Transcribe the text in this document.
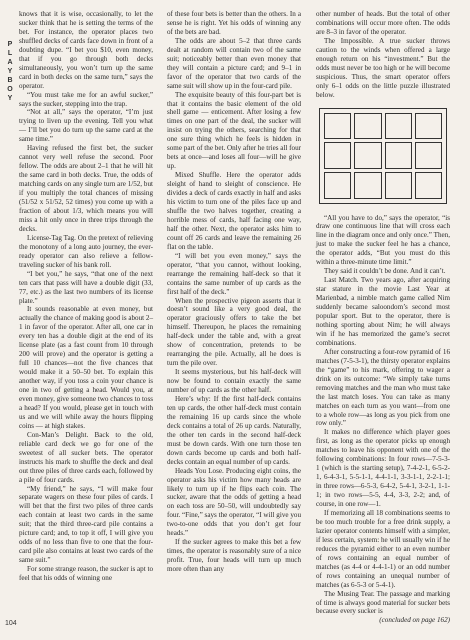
P
L
A
Y
B
O
Y

knows that it is wise, occasionally, to let the sucker think that he is setting the terms of the bet. For instance, the operator places two shuffled decks of cards face down in front of a doubting dupe. “I bet you $10, even money, that if you go through both decks simultaneously, you won’t turn up the same card in both decks on the same turn,” says the operator.

“You must take me for an awful sucker,” says the sucker, stepping into the trap.

“Not at all,” says the operator, “I’m just trying to liven up the evening. Tell you what — I’ll bet you do turn up the same card at the same time.”

Having refused the first bet, the sucker cannot very well refuse the second. Poor fellow. The odds are about 2–1 that he will hit the same card in both decks. True, the odds of matching cards on any single turn are 1/52, but if you multiply the total chances of missing (51/52 x 51/52, 52 times) you come up with a fraction of about 1/3, which means you will miss a hit only once in three trips through the decks.

License-Tag Tag. On the pretext of relieving the monotony of a long auto journey, the ever-ready operator can also relieve a fellow-traveling sucker of his bank roll.

“I bet you,” he says, “that one of the next ten cars that pass will have a double digit (33, 77, etc.) as the last two numbers of its license plate.”

It sounds reasonable at even money, but actually the chance of making good is about 2–1 in favor of the operator. After all, one car in every ten has a double digit at the end of its license plate (as a fast count from 10 through 200 will prove) and the operator is getting a full 10 chances—not the five chances that would make it a 50–50 bet. To explain this another way, if you toss a coin your chance is one in two of getting a head. Would you, at even money, give someone two chances to toss a head? If you would, please get in touch with us and we will while away the hours flipping coins — at high stakes.

Con-Man’s Delight. Back to the old, reliable card deck we go for one of the sweetest of all sucker bets. The operator instructs his mark to shuffle the deck and deal out three piles of three cards each, followed by a pile of four cards.

“My friend,” he says, “I will make four separate wagers on these four piles of cards. I will bet that the first two piles of three cards each contain at least two cards in the same suit; that the third three-card pile contains a picture card; and, to top it off, I will give you odds of no less than five to one that the four-card pile also contains at least two cards of the same suit.”

For some strange reason, the sucker is apt to feel that his odds of winning one

of these four bets is better than the others. In a sense he is right. Yet his odds of winning any of the bets are bad.

The odds are about 5–2 that three cards dealt at random will contain two of the same suit; noticeably better than even money that they will contain a picture card; and 9–1 in favor of the operator that two cards of the same suit will show up in the four-card pile.

The exquisite beauty of this four-part bet is that it contains the basic element of the old shell game — enticement. After losing a few times on one part of the deal, the sucker will insist on trying the others, searching for that one sure thing which he feels is hidden in some part of the bet. Only after he tries all four bets at once—and loses all four—will he give up.

Mixed Shuffle. Here the operator adds sleight of hand to sleight of conscience. He divides a deck of cards exactly in half and asks his victim to turn one of the piles face up and shuffle the two halves together, creating a horrible mess of cards, half facing one way, half the other. Next, the operator asks him to count off 26 cards and leave the remaining 26 flat on the table.

“I will bet you even money,” says the operator, “that you cannot, without looking, rearrange the remaining half-deck so that it contains the same number of up cards as the first half of the deck.”

When the prospective pigeon asserts that it doesn’t sound like a very good deal, the operator graciously offers to take the bet himself. Thereupon, he places the remaining half-deck under the table and, with a great show of concentration, pretends to be rearranging the pile. Actually, all he does is turn the pile over.

It seems mysterious, but his half-deck will now be found to contain exactly the same number of up cards as the other half.

Here’s why: If the first half-deck contains ten up cards, the other half-deck must contain the remaining 16 up cards since the whole deck contains a total of 26 up cards. Naturally, the other ten cards in the second half-deck must be down cards. With one turn those ten down cards become up cards and both half-decks contain an equal number of up cards.

Heads You Lose. Producing eight coins, the operator asks his victim how many heads are likely to turn up if he flips each coin. The sucker, aware that the odds of getting a head on each toss are 50–50, will undoubtedly say four. “Fine,” says the operator, “I will give you two-to-one odds that you don’t get four heads.”

If the sucker agrees to make this bet a few times, the operator is reasonably sure of a nice profit. True, four heads will turn up much more often than any

other number of heads. But the total of other combinations will occur more often. The odds are 8–3 in favor of the operator.

The Impossible. A true sucker throws caution to the winds when offered a large enough return on his “investment.” But the odds must never be too high or he will become suspicious. Thus, the smart operator offers only 6–1 odds on the little puzzle illustrated below.

“All you have to do,” says the operator, “is draw one continuous line that will cross each line in the diagram once and only once.” Then, just to make the sucker feel he has a chance, the operator adds, “But you must do this within a three-minute time limit.”

They said it couldn’t be done. And it can’t.

Last Match. Two years ago, after acquiring star stature in the movie Last Year at Marienbad, a nimble match game called Nim suddenly became saloondom’s second most popular sport. But to the operator, there is nothing sporting about Nim; he will always win if he has memorized the game’s secret combinations.

After constructing a four-row pyramid of 16 matches (7-5-3-1), the thirsty operator explains the “game” to his mark, offering to wager a drink on its outcome: “We simply take turns removing matches and the man who must take the last match loses. You can take as many matches on each turn as you want—from one to a whole row—as long as you pick from one row only.”

It makes no difference which player goes first, as long as the operator picks up enough matches to leave his opponent with one of the following combinations: In four rows—7-5-3-1 (which is the starting setup), 7-4-2-1, 6-5-2-1, 6-4-3-1, 5-5-1-1, 4-4-1-1, 3-3-1-1, 2-2-1-1; in three rows—6-5-3, 6-4-2, 5-4-1, 3-2-1, 1-1-1; in two rows—5-5, 4-4, 3-3, 2-2; and, of course, in one row—1.

If memorizing all 18 combinations seems to be too much trouble for a free drink supply, a lazier operator contents himself with a simpler, if less certain, system: he will usually win if he reduces the pyramid either to an even number of rows containing an equal number of matches (as 4-4 or 4-4-1-1) or an odd number of rows containing an unequal number of matches (as 6-5-3 or 5-4-1).

The Musing Tear. The passage and marking of time is always good material for sucker bets because every sucker is

(concluded on page 162)

104
